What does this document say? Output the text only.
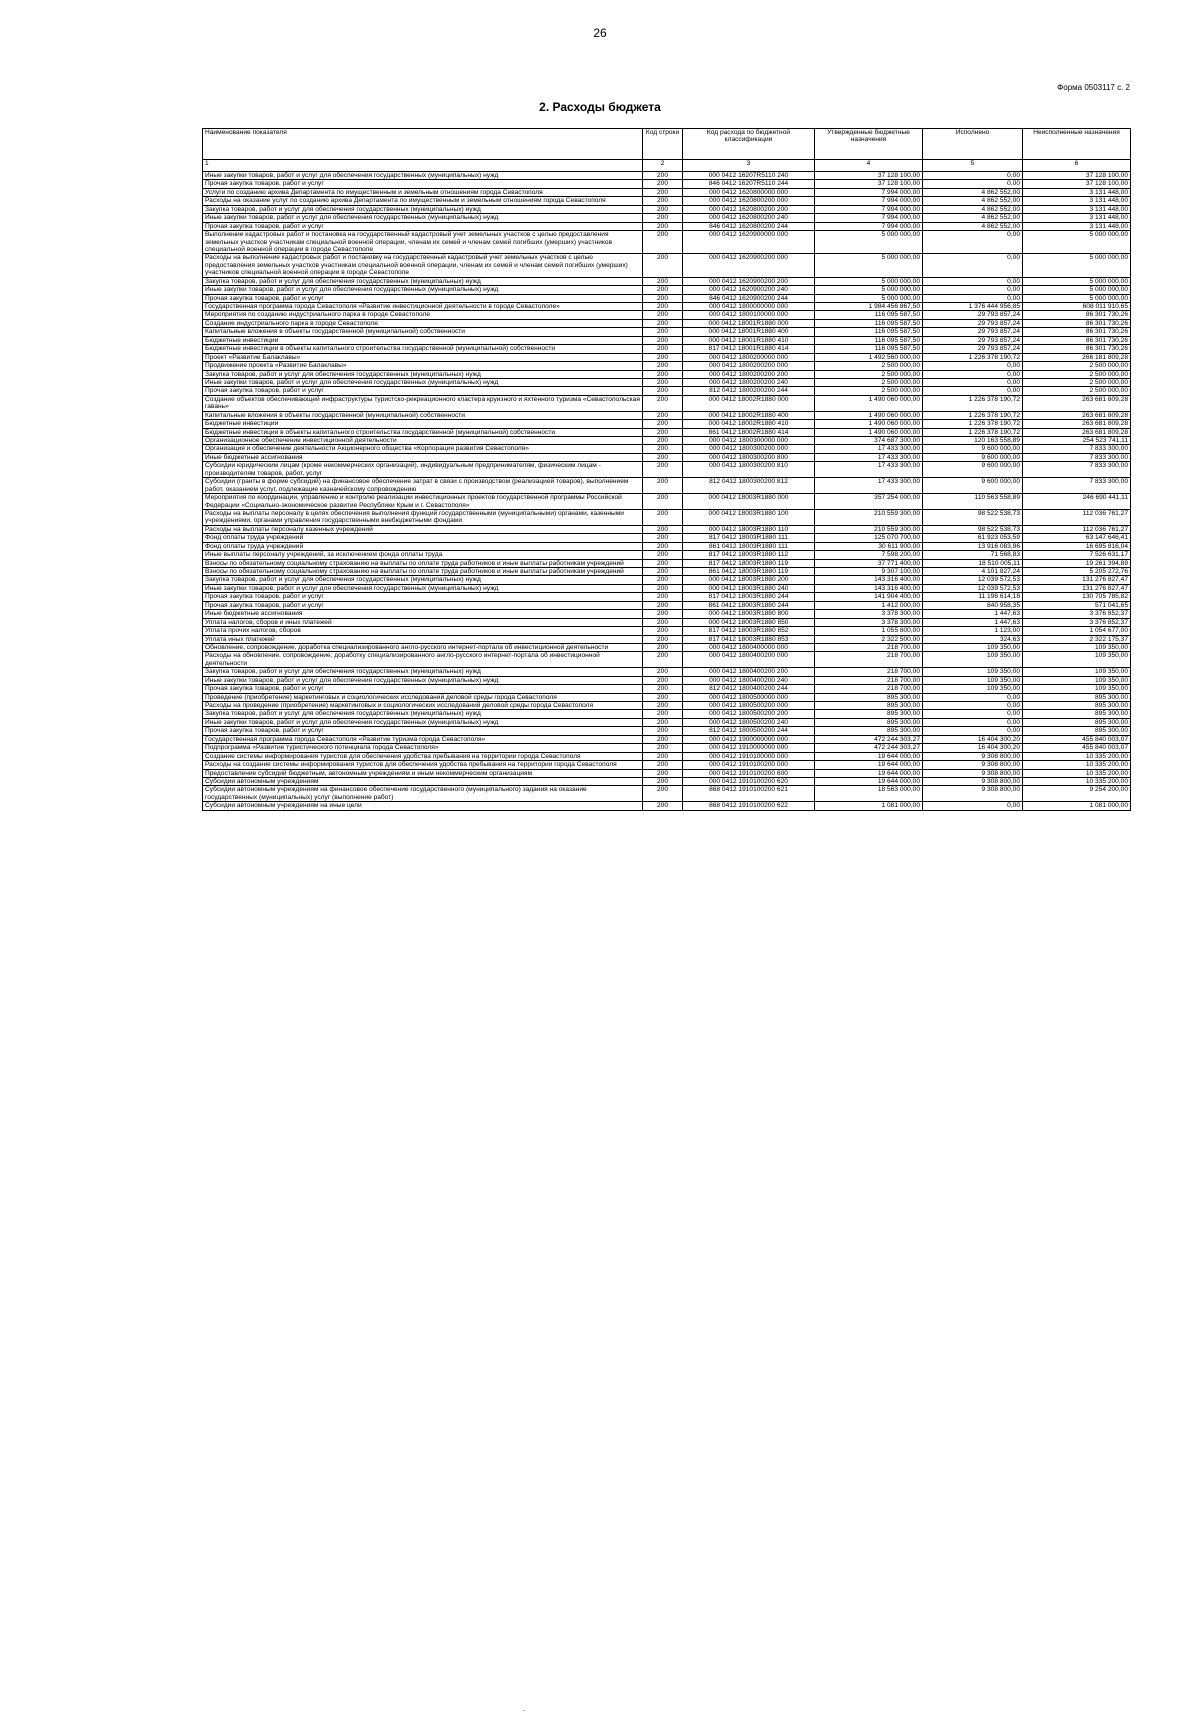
26
Форма 0503117 с. 2
2. Расходы бюджета
Наименование показателя	Код строки	Код расхода по бюджетной классификации	Утвержденные бюджетные назначения	Исполнено	Неисполненные назначения
1	2	3	4	5	6
Иные закупки товаров, работ и услуг для обеспечения государственных (муниципальных) нужд	200	000 0412 16207R5110 240	37 128 100,00	0,00	37 128 100,00
Прочая закупка товаров, работ и услуг	200	846 0412 16207R5110 244	37 128 100,00	0,00	37 128 100,00
Услуги по созданию архива Департамента по имущественным и земельным отношениям города Севастополя	200	000 0412 1620800000 000	7 994 000,00	4 862 552,00	3 131 448,00
Расходы на оказание услуг по созданию архива Департамента по имущественным и земельным отношениям города Севастополя	200	000 0412 1620800200 000	7 994 000,00	4 862 552,00	3 131 448,00
Закупка товаров, работ и услуг для обеспечения государственных (муниципальных) нужд	200	000 0412 1620800200 200	7 994 000,00	4 862 552,00	3 131 448,00
Иные закупки товаров, работ и услуг для обеспечения государственных (муниципальных) нужд	200	000 0412 1620800200 240	7 994 000,00	4 862 552,00	3 131 448,00
Прочая закупка товаров, работ и услуг	200	846 0412 1620800200 244	7 994 000,00	4 862 552,00	3 131 448,00
Выполнение кадастровых работ и постановка на государственный кадастровый учет земельных участков с целью предоставления земельных участков участникам специальной военной операции, членам их семей и членам семей погибших (умерших) участников специальной военной операции в городе Севастополе	200	000 0412 1620900000 000	5 000 000,00	0,00	5 000 000,00
Расходы на выполнение кадастровых работ и постановку на государственный кадастровый учет земельных участков с целью предоставления земельных участков участникам специальной военной операции, членам их семей и членам семей погибших (умерших) участников специальной военной операции в городе Севастополе	200	000 0412 1620900200 000	5 000 000,00	0,00	5 000 000,00
Закупка товаров, работ и услуг для обеспечения государственных (муниципальных) нужд	200	000 0412 1620900200 200	5 000 000,00	0,00	5 000 000,00
Иные закупки товаров, работ и услуг для обеспечения государственных (муниципальных) нужд	200	000 0412 1620900200 240	5 000 000,00	0,00	5 000 000,00
Прочая закупка товаров, работ и услуг	200	846 0412 1620900200 244	5 000 000,00	0,00	5 000 000,00
Государственная программа города Севастополя «Развитие инвестиционной деятельности в городе Севастополе»	200	000 0412 1800000000 000	1 984 456 867,50	1 376 444 956,85	608 011 910,65
Мероприятия по созданию индустриального парка в городе Севастополе	200	000 0412 1800100000 000	116 095 587,50	29 793 857,24	86 301 730,26
Создание индустриального парка в городе Севастополе	200	000 0412 18001R1880 000	116 095 587,50	29 793 857,24	86 301 730,26
Капитальные вложения в объекты государственной (муниципальной) собственности	200	000 0412 18001R1880 400	116 095 587,50	29 793 857,24	86 301 730,26
Бюджетные инвестиции	200	000 0412 18001R1880 410	116 095 587,50	29 793 857,24	86 301 730,26
Бюджетные инвестиции в объекты капитального строительства государственной (муниципальной) собственности	200	817 0412 18001R1880 414	116 095 587,50	29 793 857,24	86 301 730,26
Проект «Развитие Балаклавы»	200	000 0412 1800200000 000	1 492 560 000,00	1 226 378 190,72	266 181 809,28
Продвижение проекта «Развитие Балаклавы»	200	000 0412 1800200200 000	2 500 000,00	0,00	2 500 000,00
Закупка товаров, работ и услуг для обеспечения государственных (муниципальных) нужд	200	000 0412 1800200200 200	2 500 000,00	0,00	2 500 000,00
Иные закупки товаров, работ и услуг для обеспечения государственных (муниципальных) нужд	200	000 0412 1800200200 240	2 500 000,00	0,00	2 500 000,00
Прочая закупка товаров, работ и услуг	200	812 0412 1800200200 244	2 500 000,00	0,00	2 500 000,00
Создание объектов обеспечивающей инфраструктуры туристско-рекреационного кластера круизного и яхтенного туризма «Севастопольская гавань»	200	000 0412 18002R1880 000	1 490 060 000,00	1 226 378 190,72	263 681 809,28
Капитальные вложения в объекты государственной (муниципальной) собственности	200	000 0412 18002R1880 400	1 490 060 000,00	1 226 378 190,72	263 681 809,28
Бюджетные инвестиции	200	000 0412 18002R1880 410	1 490 060 000,00	1 226 378 190,72	263 681 809,28
Бюджетные инвестиции в объекты капитального строительства государственной (муниципальной) собственности	200	861 0412 18002R1880 414	1 490 060 000,00	1 226 378 190,72	263 681 809,28
Организационное обеспечение инвестиционной деятельности	200	000 0412 1800300000 000	374 687 300,00	120 163 558,89	254 523 741,11
Организация и обеспечение деятельности Акционерного общества «Корпорация развития Севастополя»	200	000 0412 1800300200 000	17 433 300,00	9 600 000,00	7 833 300,00
Иные бюджетные ассигнования	200	000 0412 1800300200 800	17 433 300,00	9 600 000,00	7 833 300,00
Субсидии юридическим лицам (кроме некоммерческих организаций), индивидуальным предпринимателям, физическим лицам - производителям товаров, работ, услуг	200	000 0412 1800300200 810	17 433 300,00	9 600 000,00	7 833 300,00
Субсидии (гранты в форме субсидий) на финансовое обеспечение затрат в связи с производством (реализацией товаров), выполнением работ, оказанием услуг, подлежащие казначейскому сопровождению	200	812 0412 1800300200 812	17 433 300,00	9 600 000,00	7 833 300,00
Мероприятия по координации, управлению и контролю реализации инвестиционных проектов государственной программы Российской Федерации «Социально-экономическое развитие Республики Крым и г. Севастополя»	200	000 0412 18003R1880 000	357 254 000,00	110 563 558,89	246 690 441,11
Расходы на выплаты персоналу в целях обеспечения выполнения функций государственными (муниципальными) органами, казенными учреждениями, органами управления государственными внебюджетными фондами	200	000 0412 18003R1880 100	210 559 300,00	98 522 538,73	112 036 761,27
Расходы на выплаты персоналу казенных учреждений	200	000 0412 18003R1880 110	210 559 300,00	98 522 538,73	112 036 761,27
Фонд оплаты труда учреждений	200	817 0412 18003R1880 111	125 070 700,00	61 923 053,59	63 147 646,41
Фонд оплаты труда учреждений	200	861 0412 18003R1880 111	30 611 900,00	13 916 083,96	16 695 816,04
Иные выплаты персоналу учреждений, за исключением фонда оплаты труда	200	817 0412 18003R1880 112	7 598 200,00	71 568,83	7 526 631,17
Взносы по обязательному социальному страхованию на выплаты по оплате труда работников и иные выплаты работникам учреждений	200	817 0412 18003R1880 119	37 771 400,00	18 510 005,11	19 261 394,89
Взносы по обязательному социальному страхованию на выплаты по оплате труда работников и иные выплаты работникам учреждений	200	861 0412 18003R1880 119	9 307 100,00	4 101 827,24	5 205 272,76
Закупка товаров, работ и услуг для обеспечения государственных (муниципальных) нужд	200	000 0412 18003R1880 200	143 316 400,00	12 039 572,53	131 276 827,47
Иные закупки товаров, работ и услуг для обеспечения государственных (муниципальных) нужд	200	000 0412 18003R1880 240	143 316 400,00	12 039 572,53	131 276 827,47
Прочая закупка товаров, работ и услуг	200	817 0412 18003R1880 244	141 904 400,00	11 198 614,18	130 705 785,82
Прочая закупка товаров, работ и услуг	200	861 0412 18003R1880 244	1 412 000,00	840 958,35	571 041,65
Иные бюджетные ассигнования	200	000 0412 18003R1880 800	3 378 300,00	1 447,63	3 376 852,37
Уплата налогов, сборов и иных платежей	200	000 0412 18003R1880 850	3 378 300,00	1 447,63	3 376 852,37
Уплата прочих налогов, сборов	200	817 0412 18003R1880 852	1 055 800,00	1 123,00	1 054 677,00
Уплата иных платежей	200	817 0412 18003R1880 853	2 322 500,00	324,63	2 322 175,37
Обновление, сопровождение, доработка специализированного англо-русского интернет-портала об инвестиционной деятельности	200	000 0412 1800400000 000	218 700,00	109 350,00	109 350,00
Расходы на обновление, сопровождение, доработку специализированного англо-русского интернет-портала об инвестиционной деятельности	200	000 0412 1800400200 000	218 700,00	109 350,00	109 350,00
Закупка товаров, работ и услуг для обеспечения государственных (муниципальных) нужд	200	000 0412 1800400200 200	218 700,00	109 350,00	109 350,00
Иные закупки товаров, работ и услуг для обеспечения государственных (муниципальных) нужд	200	000 0412 1800400200 240	218 700,00	109 350,00	109 350,00
Прочая закупка товаров, работ и услуг	200	812 0412 1800400200 244	218 700,00	109 350,00	109 350,00
Проведение (приобретение) маркетинговых и социологических исследований деловой среды города Севастополя	200	000 0412 1800500000 000	895 300,00	0,00	895 300,00
Расходы на проведение (приобретение) маркетинговых и социологических исследований деловой среды города Севастополя	200	000 0412 1800500200 000	895 300,00	0,00	895 300,00
Закупка товаров, работ и услуг для обеспечения государственных (муниципальных) нужд	200	000 0412 1800500200 200	895 300,00	0,00	895 300,00
Иные закупки товаров, работ и услуг для обеспечения государственных (муниципальных) нужд	200	000 0412 1800500200 240	895 300,00	0,00	895 300,00
Прочая закупка товаров, работ и услуг	200	812 0412 1800500200 244	895 300,00	0,00	895 300,00
Государственная программа города Севастополя «Развитие туризма города Севастополя»	200	000 0412 1900000000 000	472 244 303,27	16 404 300,20	455 840 003,07
Подпрограмма «Развитие туристического потенциала города Севастополя»	200	000 0412 1910000000 000	472 244 303,27	16 404 300,20	455 840 003,07
Создание системы информирования туристов для обеспечения удобства пребывания на территории города Севастополя	200	000 0412 1910100000 000	19 644 000,00	9 308 800,00	10 335 200,00
Расходы на создание системы информирования туристов для обеспечения удобства пребывания на территории города Севастополя	200	000 0412 1910100200 000	19 644 000,00	9 308 800,00	10 335 200,00
Предоставление субсидий бюджетным, автономным учреждениям и иным некоммерческим организациям	200	000 0412 1910100200 600	19 644 000,00	9 308 800,00	10 335 200,00
Субсидии автономным учреждениям	200	000 0412 1910100200 620	19 644 000,00	9 308 800,00	10 335 200,00
Субсидии автономным учреждениям на финансовое обеспечение государственного (муниципального) задания на оказание государственных (муниципальных) услуг (выполнение работ)	200	868 0412 1910100200 621	18 563 000,00	9 308 800,00	9 254 200,00
Субсидии автономным учреждениям на иные цели	200	868 0412 1910100200 622	1 081 000,00	0,00	1 081 000,00
.
